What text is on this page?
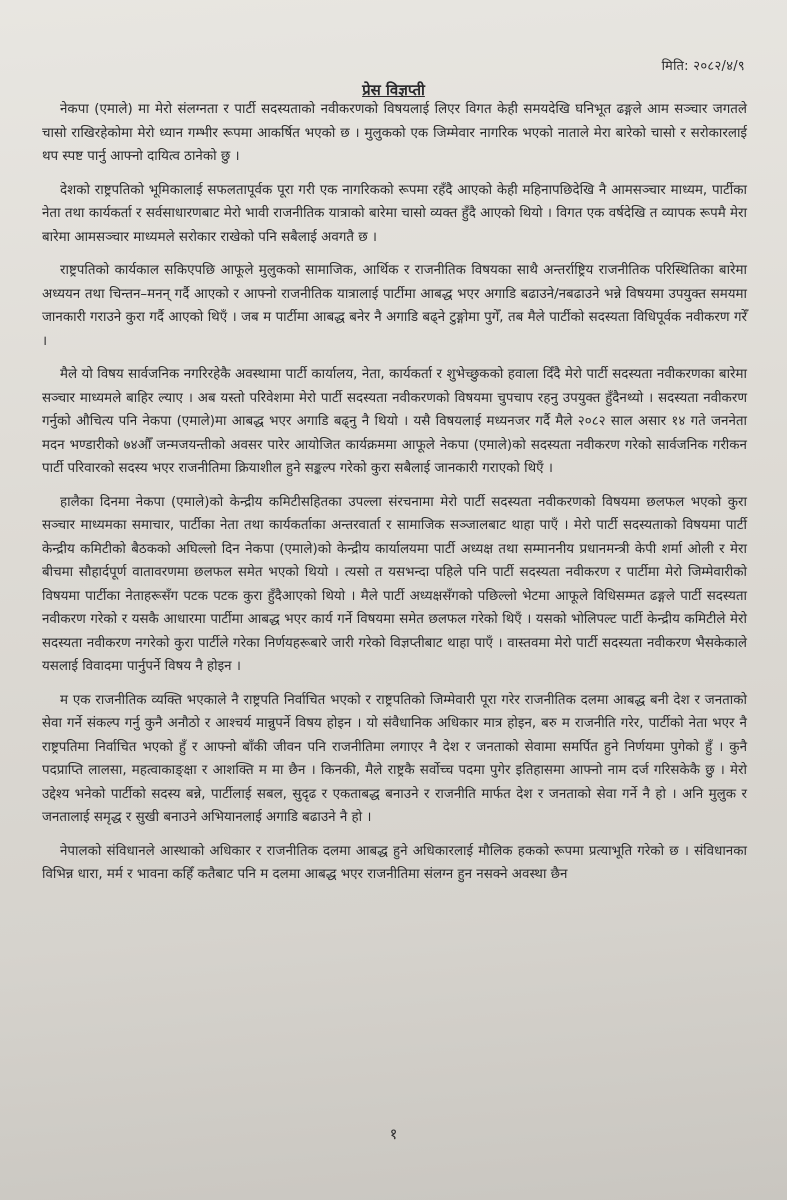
मिति: २०८२/४/९
प्रेस विज्ञप्ती

नेकपा (एमाले) मा मेरो संलग्नता र पार्टी सदस्यताको नवीकरणको विषयलाई लिएर विगत केही समयदेखि घनिभूत ढङ्गले आम सञ्चार जगतले चासो राखिरहेकोमा मेरो ध्यान गम्भीर रूपमा आकर्षित भएको छ । मुलुकको एक जिम्मेवार नागरिक भएको नाताले मेरा बारेको चासो र सरोकारलाई थप स्पष्ट पार्नु आफ्नो दायित्व ठानेको छु ।

देशको राष्ट्रपतिको भूमिकालाई सफलतापूर्वक पूरा गरी एक नागरिकको रूपमा रहँदै आएको केही महिनापछिदेखि नै आमसञ्चार माध्यम, पार्टीका नेता तथा कार्यकर्ता र सर्वसाधारणबाट मेरो भावी राजनीतिक यात्राको बारेमा चासो व्यक्त हुँदै आएको थियो । विगत एक वर्षदेखि त व्यापक रूपमै मेरा बारेमा आमसञ्चार माध्यमले सरोकार राखेको पनि सबैलाई अवगतै छ ।

राष्ट्रपतिको कार्यकाल सकिएपछि आफूले मुलुकको सामाजिक, आर्थिक र राजनीतिक विषयका साथै अन्तर्राष्ट्रिय राजनीतिक परिस्थितिका बारेमा अध्ययन तथा चिन्तन–मनन् गर्दै आएको र आफ्नो राजनीतिक यात्रालाई पार्टीमा आबद्ध भएर अगाडि बढाउने/नबढाउने भन्ने विषयमा उपयुक्त समयमा जानकारी गराउने कुरा गर्दै आएको थिएँ । जब म पार्टीमा आबद्ध बनेर नै अगाडि बढ्ने टुङ्गोमा पुगेँ, तब मैले पार्टीको सदस्यता विधिपूर्वक नवीकरण गरेँ ।

मैले यो विषय सार्वजनिक नगरिरहेकै अवस्थामा पार्टी कार्यालय, नेता, कार्यकर्ता र शुभेच्छुकको हवाला दिँदै मेरो पार्टी सदस्यता नवीकरणका बारेमा सञ्चार माध्यमले बाहिर ल्याए । अब यस्तो परिवेशमा मेरो पार्टी सदस्यता नवीकरणको विषयमा चुपचाप रहनु उपयुक्त हुँदैनथ्यो । सदस्यता नवीकरण गर्नुको औचित्य पनि नेकपा (एमाले)मा आबद्ध भएर अगाडि बढ्नु नै थियो । यसै विषयलाई मध्यनजर गर्दै मैले २०८२ साल असार १४ गते जननेता मदन भण्डारीको ७४औँ जन्मजयन्तीको अवसर पारेर आयोजित कार्यक्रममा आफूले नेकपा (एमाले)को सदस्यता नवीकरण गरेको सार्वजनिक गरीकन पार्टी परिवारको सदस्य भएर राजनीतिमा क्रियाशील हुने सङ्कल्प गरेको कुरा सबैलाई जानकारी गराएको थिएँ ।

हालैका दिनमा नेकपा (एमाले)को केन्द्रीय कमिटीसहितका उपल्ला संरचनामा मेरो पार्टी सदस्यता नवीकरणको विषयमा छलफल भएको कुरा सञ्चार माध्यमका समाचार, पार्टीका नेता तथा कार्यकर्ताका अन्तरवार्ता र सामाजिक सञ्जालबाट थाहा पाएँ । मेरो पार्टी सदस्यताको विषयमा पार्टी केन्द्रीय कमिटीको बैठकको अघिल्लो दिन नेकपा (एमाले)को केन्द्रीय कार्यालयमा पार्टी अध्यक्ष तथा सम्माननीय प्रधानमन्त्री केपी शर्मा ओली र मेरा बीचमा सौहार्दपूर्ण वातावरणमा छलफल समेत भएको थियो । त्यसो त यसभन्दा पहिले पनि पार्टी सदस्यता नवीकरण र पार्टीमा मेरो जिम्मेवारीको विषयमा पार्टीका नेताहरूसँग पटक पटक कुरा हुँदैआएको थियो । मैले पार्टी अध्यक्षसँगको पछिल्लो भेटमा आफूले विधिसम्मत ढङ्गले पार्टी सदस्यता नवीकरण गरेको र यसकै आधारमा पार्टीमा आबद्ध भएर कार्य गर्ने विषयमा समेत छलफल गरेको थिएँ । यसको भोलिपल्ट पार्टी केन्द्रीय कमिटीले मेरो सदस्यता नवीकरण नगरेको कुरा पार्टीले गरेका निर्णयहरूबारे जारी गरेको विज्ञप्तीबाट थाहा पाएँ । वास्तवमा मेरो पार्टी सदस्यता नवीकरण भैसकेकाले यसलाई विवादमा पार्नुपर्ने विषय नै होइन ।

म एक राजनीतिक व्यक्ति भएकाले नै राष्ट्रपति निर्वाचित भएको र राष्ट्रपतिको जिम्मेवारी पूरा गरेर राजनीतिक दलमा आबद्ध बनी देश र जनताको सेवा गर्ने संकल्प गर्नु कुनै अनौठो र आश्चर्य मान्नुपर्ने विषय होइन । यो संवैधानिक अधिकार मात्र होइन, बरु म राजनीति गरेर, पार्टीको नेता भएर नै राष्ट्रपतिमा निर्वाचित भएको हुँ र आफ्नो बाँकी जीवन पनि राजनीतिमा लगाएर नै देश र जनताको सेवामा समर्पित हुने निर्णयमा पुगेको हुँ । कुनै पदप्राप्ति लालसा, महत्वाकाङ्क्षा र आशक्ति म मा छैन । किनकी, मैले राष्ट्रकै सर्वोच्च पदमा पुगेर इतिहासमा आफ्नो नाम दर्ज गरिसकेकै छु । मेरो उद्देश्य भनेको पार्टीको सदस्य बन्ने, पार्टीलाई सबल, सुदृढ र एकताबद्ध बनाउने र राजनीति मार्फत देश र जनताको सेवा गर्ने नै हो । अनि मुलुक र जनतालाई समृद्ध र सुखी बनाउने अभियानलाई अगाडि बढाउने नै हो ।

नेपालको संविधानले आस्थाको अधिकार र राजनीतिक दलमा आबद्ध हुने अधिकारलाई मौलिक हकको रूपमा प्रत्याभूति गरेको छ । संविधानका विभिन्न धारा, मर्म र भावना कहिँ कतैबाट पनि म दलमा आबद्ध भएर राजनीतिमा संलग्न हुन नसक्ने अवस्था छैन

१
